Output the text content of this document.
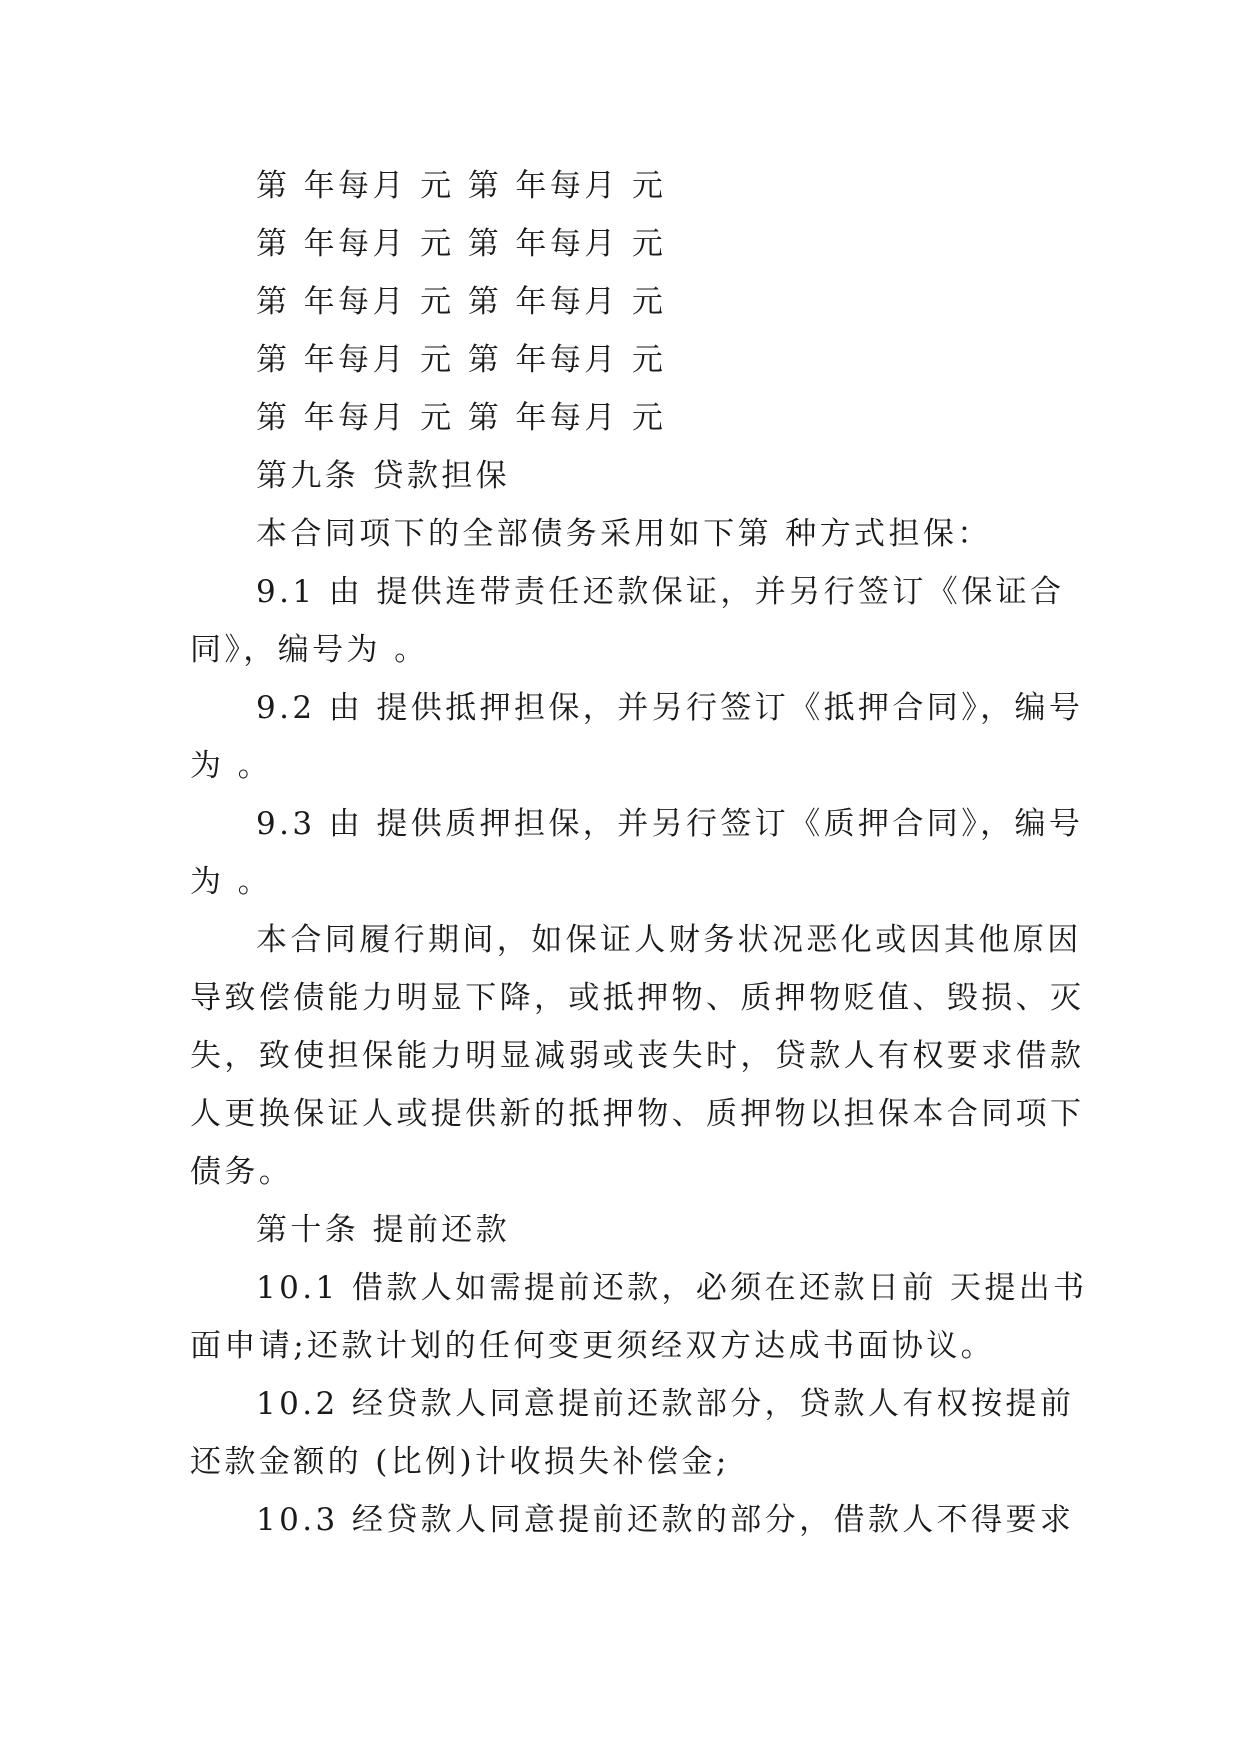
第 年每月 元 第 年每月 元
第 年每月 元 第 年每月 元
第 年每月 元 第 年每月 元
第 年每月 元 第 年每月 元
第 年每月 元 第 年每月 元
第九条 贷款担保
本合同项下的全部债务采用如下第 种方式担保：
9.1 由 提供连带责任还款保证，并另行签订《保证合
同》，编号为 。
9.2 由 提供抵押担保，并另行签订《抵押合同》，编号
为 。
9.3 由 提供质押担保，并另行签订《质押合同》，编号
为 。
本合同履行期间，如保证人财务状况恶化或因其他原因
导致偿债能力明显下降，或抵押物、质押物贬值、毁损、灭
失，致使担保能力明显减弱或丧失时，贷款人有权要求借款
人更换保证人或提供新的抵押物、质押物以担保本合同项下
债务。
第十条 提前还款
10.1 借款人如需提前还款，必须在还款日前 天提出书
面申请;还款计划的任何变更须经双方达成书面协议。
10.2 经贷款人同意提前还款部分，贷款人有权按提前
还款金额的 (比例)计收损失补偿金;
10.3 经贷款人同意提前还款的部分，借款人不得要求
